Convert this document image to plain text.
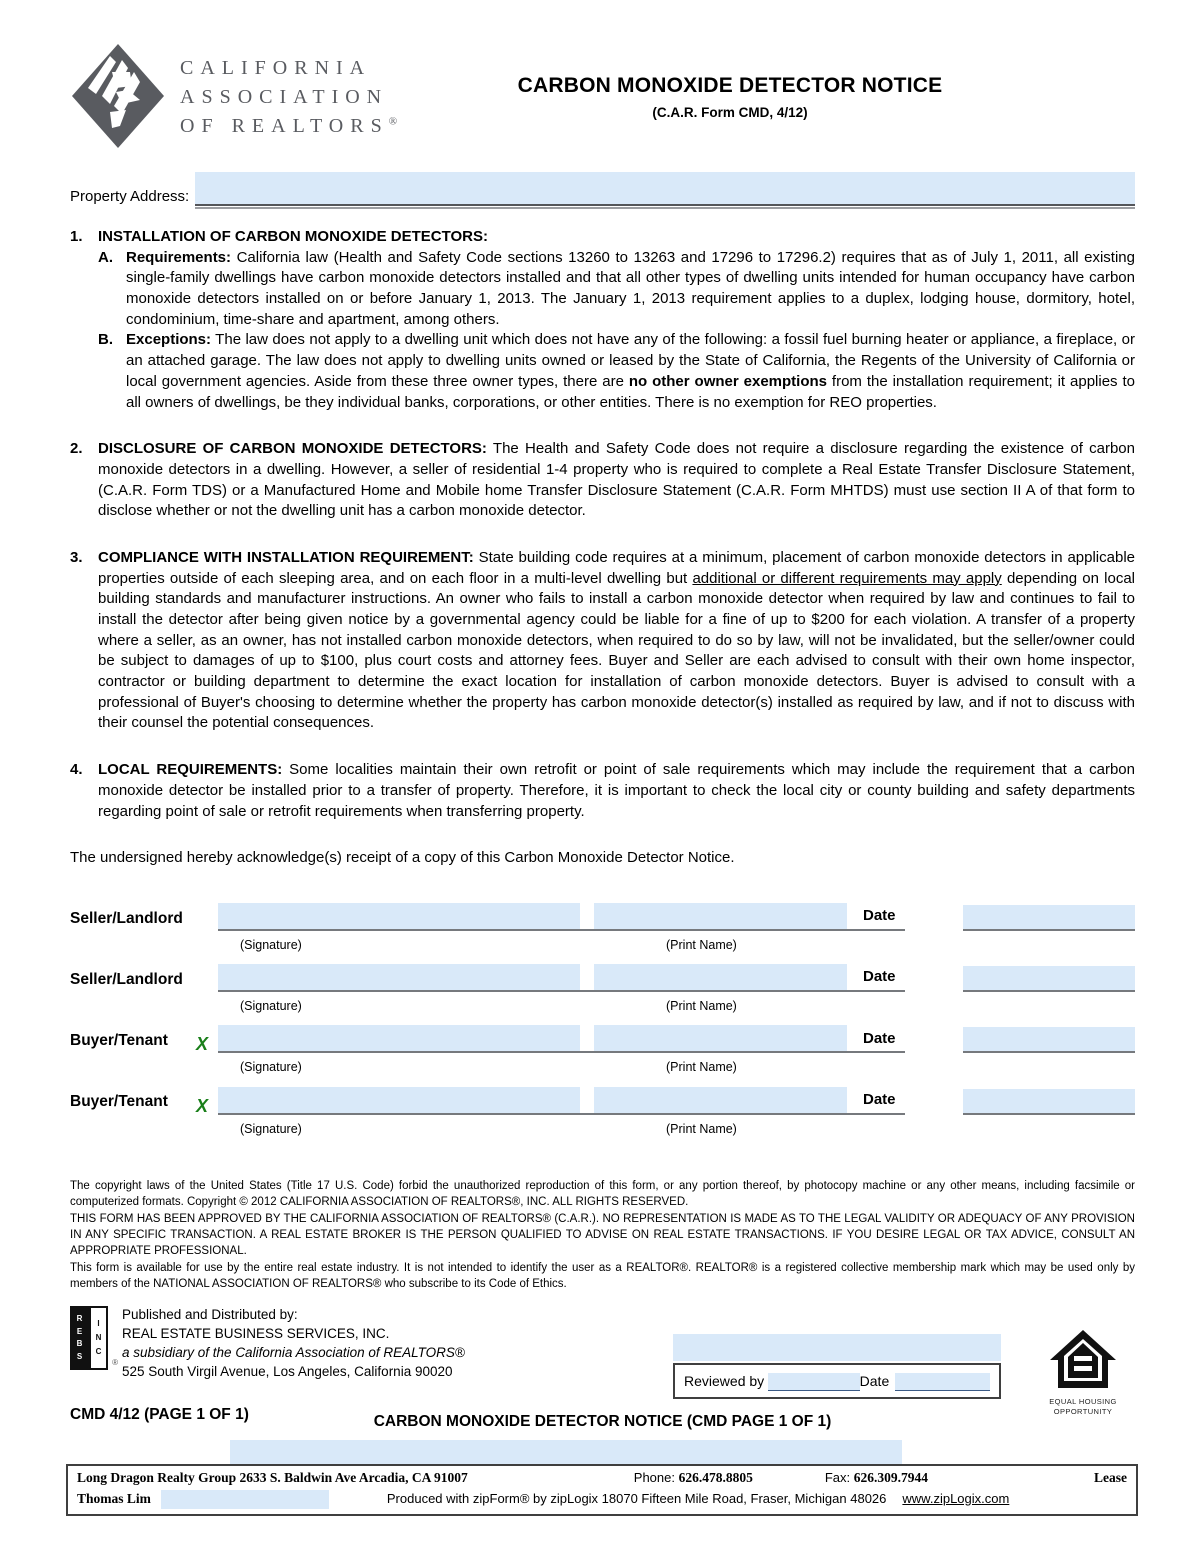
CALIFORNIA
ASSOCIATION
OF REALTORS®
CARBON MONOXIDE DETECTOR NOTICE
(C.A.R. Form CMD, 4/12)
Property Address:
1. INSTALLATION OF CARBON MONOXIDE DETECTORS:
A. Requirements: California law (Health and Safety Code sections 13260 to 13263 and 17296 to 17296.2) requires that as of July 1, 2011, all existing single-family dwellings have carbon monoxide detectors installed and that all other types of dwelling units intended for human occupancy have carbon monoxide detectors installed on or before January 1, 2013. The January 1, 2013 requirement applies to a duplex, lodging house, dormitory, hotel, condominium, time-share and apartment, among others.
B. Exceptions: The law does not apply to a dwelling unit which does not have any of the following: a fossil fuel burning heater or appliance, a fireplace, or an attached garage. The law does not apply to dwelling units owned or leased by the State of California, the Regents of the University of California or local government agencies. Aside from these three owner types, there are no other owner exemptions from the installation requirement; it applies to all owners of dwellings, be they individual banks, corporations, or other entities. There is no exemption for REO properties.
2. DISCLOSURE OF CARBON MONOXIDE DETECTORS: The Health and Safety Code does not require a disclosure regarding the existence of carbon monoxide detectors in a dwelling. However, a seller of residential 1-4 property who is required to complete a Real Estate Transfer Disclosure Statement, (C.A.R. Form TDS) or a Manufactured Home and Mobile home Transfer Disclosure Statement (C.A.R. Form MHTDS) must use section II A of that form to disclose whether or not the dwelling unit has a carbon monoxide detector.
3. COMPLIANCE WITH INSTALLATION REQUIREMENT: State building code requires at a minimum, placement of carbon monoxide detectors in applicable properties outside of each sleeping area, and on each floor in a multi-level dwelling but additional or different requirements may apply depending on local building standards and manufacturer instructions. An owner who fails to install a carbon monoxide detector when required by law and continues to fail to install the detector after being given notice by a governmental agency could be liable for a fine of up to $200 for each violation. A transfer of a property where a seller, as an owner, has not installed carbon monoxide detectors, when required to do so by law, will not be invalidated, but the seller/owner could be subject to damages of up to $100, plus court costs and attorney fees. Buyer and Seller are each advised to consult with their own home inspector, contractor or building department to determine the exact location for installation of carbon monoxide detectors. Buyer is advised to consult with a professional of Buyer's choosing to determine whether the property has carbon monoxide detector(s) installed as required by law, and if not to discuss with their counsel the potential consequences.
4. LOCAL REQUIREMENTS: Some localities maintain their own retrofit or point of sale requirements which may include the requirement that a carbon monoxide detector be installed prior to a transfer of property. Therefore, it is important to check the local city or county building and safety departments regarding point of sale or retrofit requirements when transferring property.
The undersigned hereby acknowledge(s) receipt of a copy of this Carbon Monoxide Detector Notice.
Seller/Landlord	Date
(Signature)	(Print Name)
Seller/Landlord	Date
(Signature)	(Print Name)
Buyer/Tenant	X	Date
(Signature)	(Print Name)
Buyer/Tenant	X	Date
(Signature)	(Print Name)

The copyright laws of the United States (Title 17 U.S. Code) forbid the unauthorized reproduction of this form, or any portion thereof, by photocopy machine or any other means, including facsimile or computerized formats. Copyright © 2012 CALIFORNIA ASSOCIATION OF REALTORS®, INC. ALL RIGHTS RESERVED.

THIS FORM HAS BEEN APPROVED BY THE CALIFORNIA ASSOCIATION OF REALTORS® (C.A.R.). NO REPRESENTATION IS MADE AS TO THE LEGAL VALIDITY OR ADEQUACY OF ANY PROVISION IN ANY SPECIFIC TRANSACTION. A REAL ESTATE BROKER IS THE PERSON QUALIFIED TO ADVISE ON REAL ESTATE TRANSACTIONS. IF YOU DESIRE LEGAL OR TAX ADVICE, CONSULT AN APPROPRIATE PROFESSIONAL.

This form is available for use by the entire real estate industry. It is not intended to identify the user as a REALTOR®. REALTOR® is a registered collective membership mark which may be used only by members of the NATIONAL ASSOCIATION OF REALTORS® who subscribe to its Code of Ethics.

R
E
B
S
I
N
C
®
Published and Distributed by:
REAL ESTATE BUSINESS SERVICES, INC.
a subsidiary of the California Association of REALTORS®
525 South Virgil Avenue, Los Angeles, California 90020
CMD 4/12 (PAGE 1 OF 1)
Reviewed by	Date
EQUAL HOUSING
OPPORTUNITY
CARBON MONOXIDE DETECTOR NOTICE (CMD PAGE 1 OF 1)
Long Dragon Realty Group 2633 S. Baldwin Ave Arcadia, CA 91007	Phone: 626.478.8805	Fax: 626.309.7944	Lease
Thomas Lim	Produced with zipForm® by zipLogix 18070 Fifteen Mile Road, Fraser, Michigan 48026 www.zipLogix.com
